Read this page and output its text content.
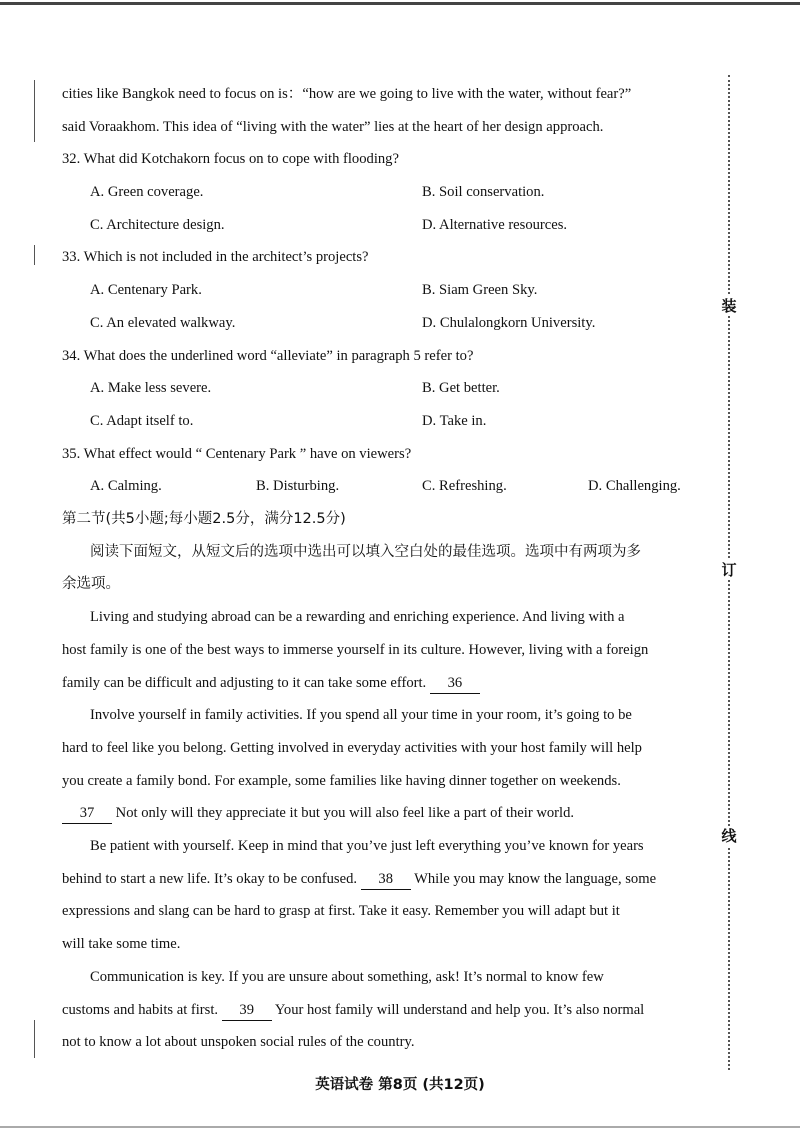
装
订
线
cities like Bangkok need to focus on is：“how are we going to live with the water, without fear?”
said Voraakhom. This idea of “living with the water” lies at the heart of her design approach.
32. What did Kotchakorn focus on to cope with flooding?
A. Green coverage.	B. Soil conservation.
C. Architecture design.	D. Alternative resources.
33. Which is not included in the architect’s projects?
A. Centenary Park.	B. Siam Green Sky.
C. An elevated walkway.	D. Chulalongkorn University.
34. What does the underlined word “alleviate” in paragraph 5 refer to?
A. Make less severe.	B. Get better.
C. Adapt itself to.	D. Take in.
35. What effect would “ Centenary Park ” have on viewers?
A. Calming.	B. Disturbing.	C. Refreshing.	D. Challenging.
第二节(共5小题;每小题2.5分，满分12.5分)
阅读下面短文，从短文后的选项中选出可以填入空白处的最佳选项。选项中有两项为多
余选项。
Living and studying abroad can be a rewarding and enriching experience. And living with a
host family is one of the best ways to immerse yourself in its culture. However, living with a foreign
family can be difficult and adjusting to it can take some effort. 36
Involve yourself in family activities. If you spend all your time in your room, it’s going to be
hard to feel like you belong. Getting involved in everyday activities with your host family will help
you create a family bond. For example, some families like having dinner together on weekends.
37 Not only will they appreciate it but you will also feel like a part of their world.
Be patient with yourself. Keep in mind that you’ve just left everything you’ve known for years
behind to start a new life. It’s okay to be confused. 38 While you may know the language, some
expressions and slang can be hard to grasp at first. Take it easy. Remember you will adapt but it
will take some time.
Communication is key. If you are unsure about something, ask! It’s normal to know few
customs and habits at first. 39 Your host family will understand and help you. It’s also normal
not to know a lot about unspoken social rules of the country.
英语试卷 第8页 (共12页)
